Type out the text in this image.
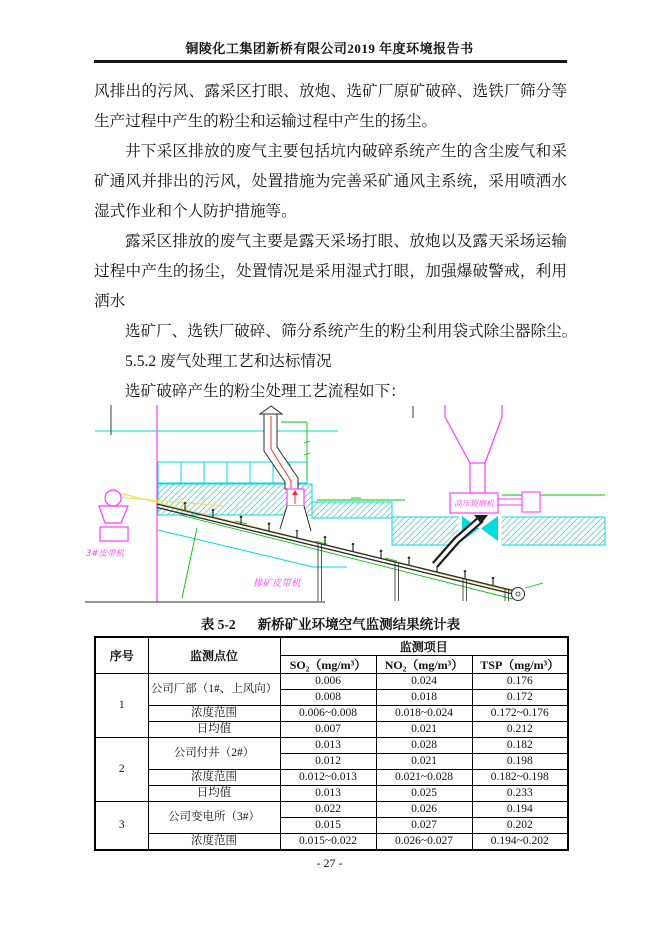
铜陵化工集团新桥有限公司2019 年度环境报告书
风排出的污风、露采区打眼、放炮、选矿厂原矿破碎、选铁厂筛分等
生产过程中产生的粉尘和运输过程中产生的扬尘。
井下采区排放的废气主要包括坑内破碎系统产生的含尘废气和采
矿通风并排出的污风，处置措施为完善采矿通风主系统，采用喷洒水
湿式作业和个人防护措施等。
露采区排放的废气主要是露天采场打眼、放炮以及露天采场运输
过程中产生的扬尘，处置情况是采用湿式打眼，加强爆破警戒，利用
洒水
选矿厂、选铁厂破碎、筛分系统产生的粉尘利用袋式除尘器除尘。
5.5.2 废气处理工艺和达标情况
选矿破碎产生的粉尘处理工艺流程如下：
高压辊磨机
3#皮带机
排矿皮带机
表 5-2 新桥矿业环境空气监测结果统计表
序号	监测点位	监测项目		
		SO₂（mg/m³）	NO₂（mg/m³）	TSP（mg/m³）
1	公司厂部（1#、上风向）	0.006	0.024	0.176
		0.008	0.018	0.172
	浓度范围	0.006~0.008	0.018~0.024	0.172~0.176
	日均值	0.007	0.021	0.212
2	公司付井（2#）	0.013	0.028	0.182
		0.012	0.021	0.198
	浓度范围	0.012~0.013	0.021~0.028	0.182~0.198
	日均值	0.013	0.025	0.233
3	公司变电所（3#）	0.022	0.026	0.194
		0.015	0.027	0.202
	浓度范围	0.015~0.022	0.026~0.027	0.194~0.202
- 27 -
